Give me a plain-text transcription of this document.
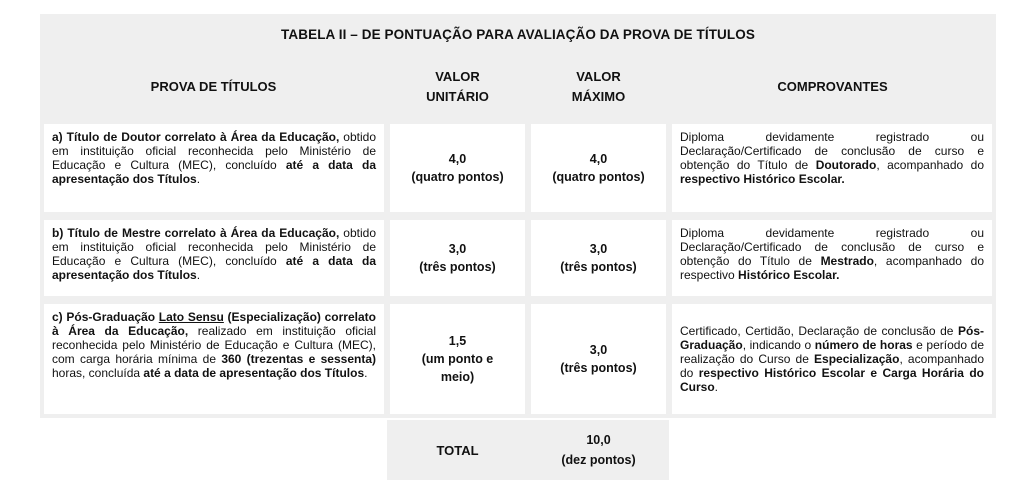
TABELA II – DE PONTUAÇÃO PARA AVALIAÇÃO DA PROVA DE TÍTULOS
PROVA DE TÍTULOS
VALOR
UNITÁRIO
VALOR
MÁXIMO
COMPROVANTES
a) Título de Doutor correlato à Área da Educação, obtido em instituição oficial reconhecida pelo Ministério de Educação e Cultura (MEC), concluído até a data da apresentação dos Títulos.
4,0
(quatro pontos)
4,0
(quatro pontos)
Diploma devidamente registrado ou Declaração/Certificado de conclusão de curso e obtenção do Título de Doutorado, acompanhado do respectivo Histórico Escolar.
b) Título de Mestre correlato à Área da Educação, obtido em instituição oficial reconhecida pelo Ministério de Educação e Cultura (MEC), concluído até a data da apresentação dos Títulos.
3,0
(três pontos)
3,0
(três pontos)
Diploma devidamente registrado ou Declaração/Certificado de conclusão de curso e obtenção do Título de Mestrado, acompanhado do respectivo Histórico Escolar.
c) Pós-Graduação Lato Sensu (Especialização) correlato à Área da Educação, realizado em instituição oficial reconhecida pelo Ministério de Educação e Cultura (MEC), com carga horária mínima de 360 (trezentas e sessenta) horas, concluída até a data de apresentação dos Títulos.
1,5
(um ponto e meio)
3,0
(três pontos)
Certificado, Certidão, Declaração de conclusão de Pós-Graduação, indicando o número de horas e período de realização do Curso de Especialização, acompanhado do respectivo Histórico Escolar e Carga Horária do Curso.
TOTAL
10,0
(dez pontos)
